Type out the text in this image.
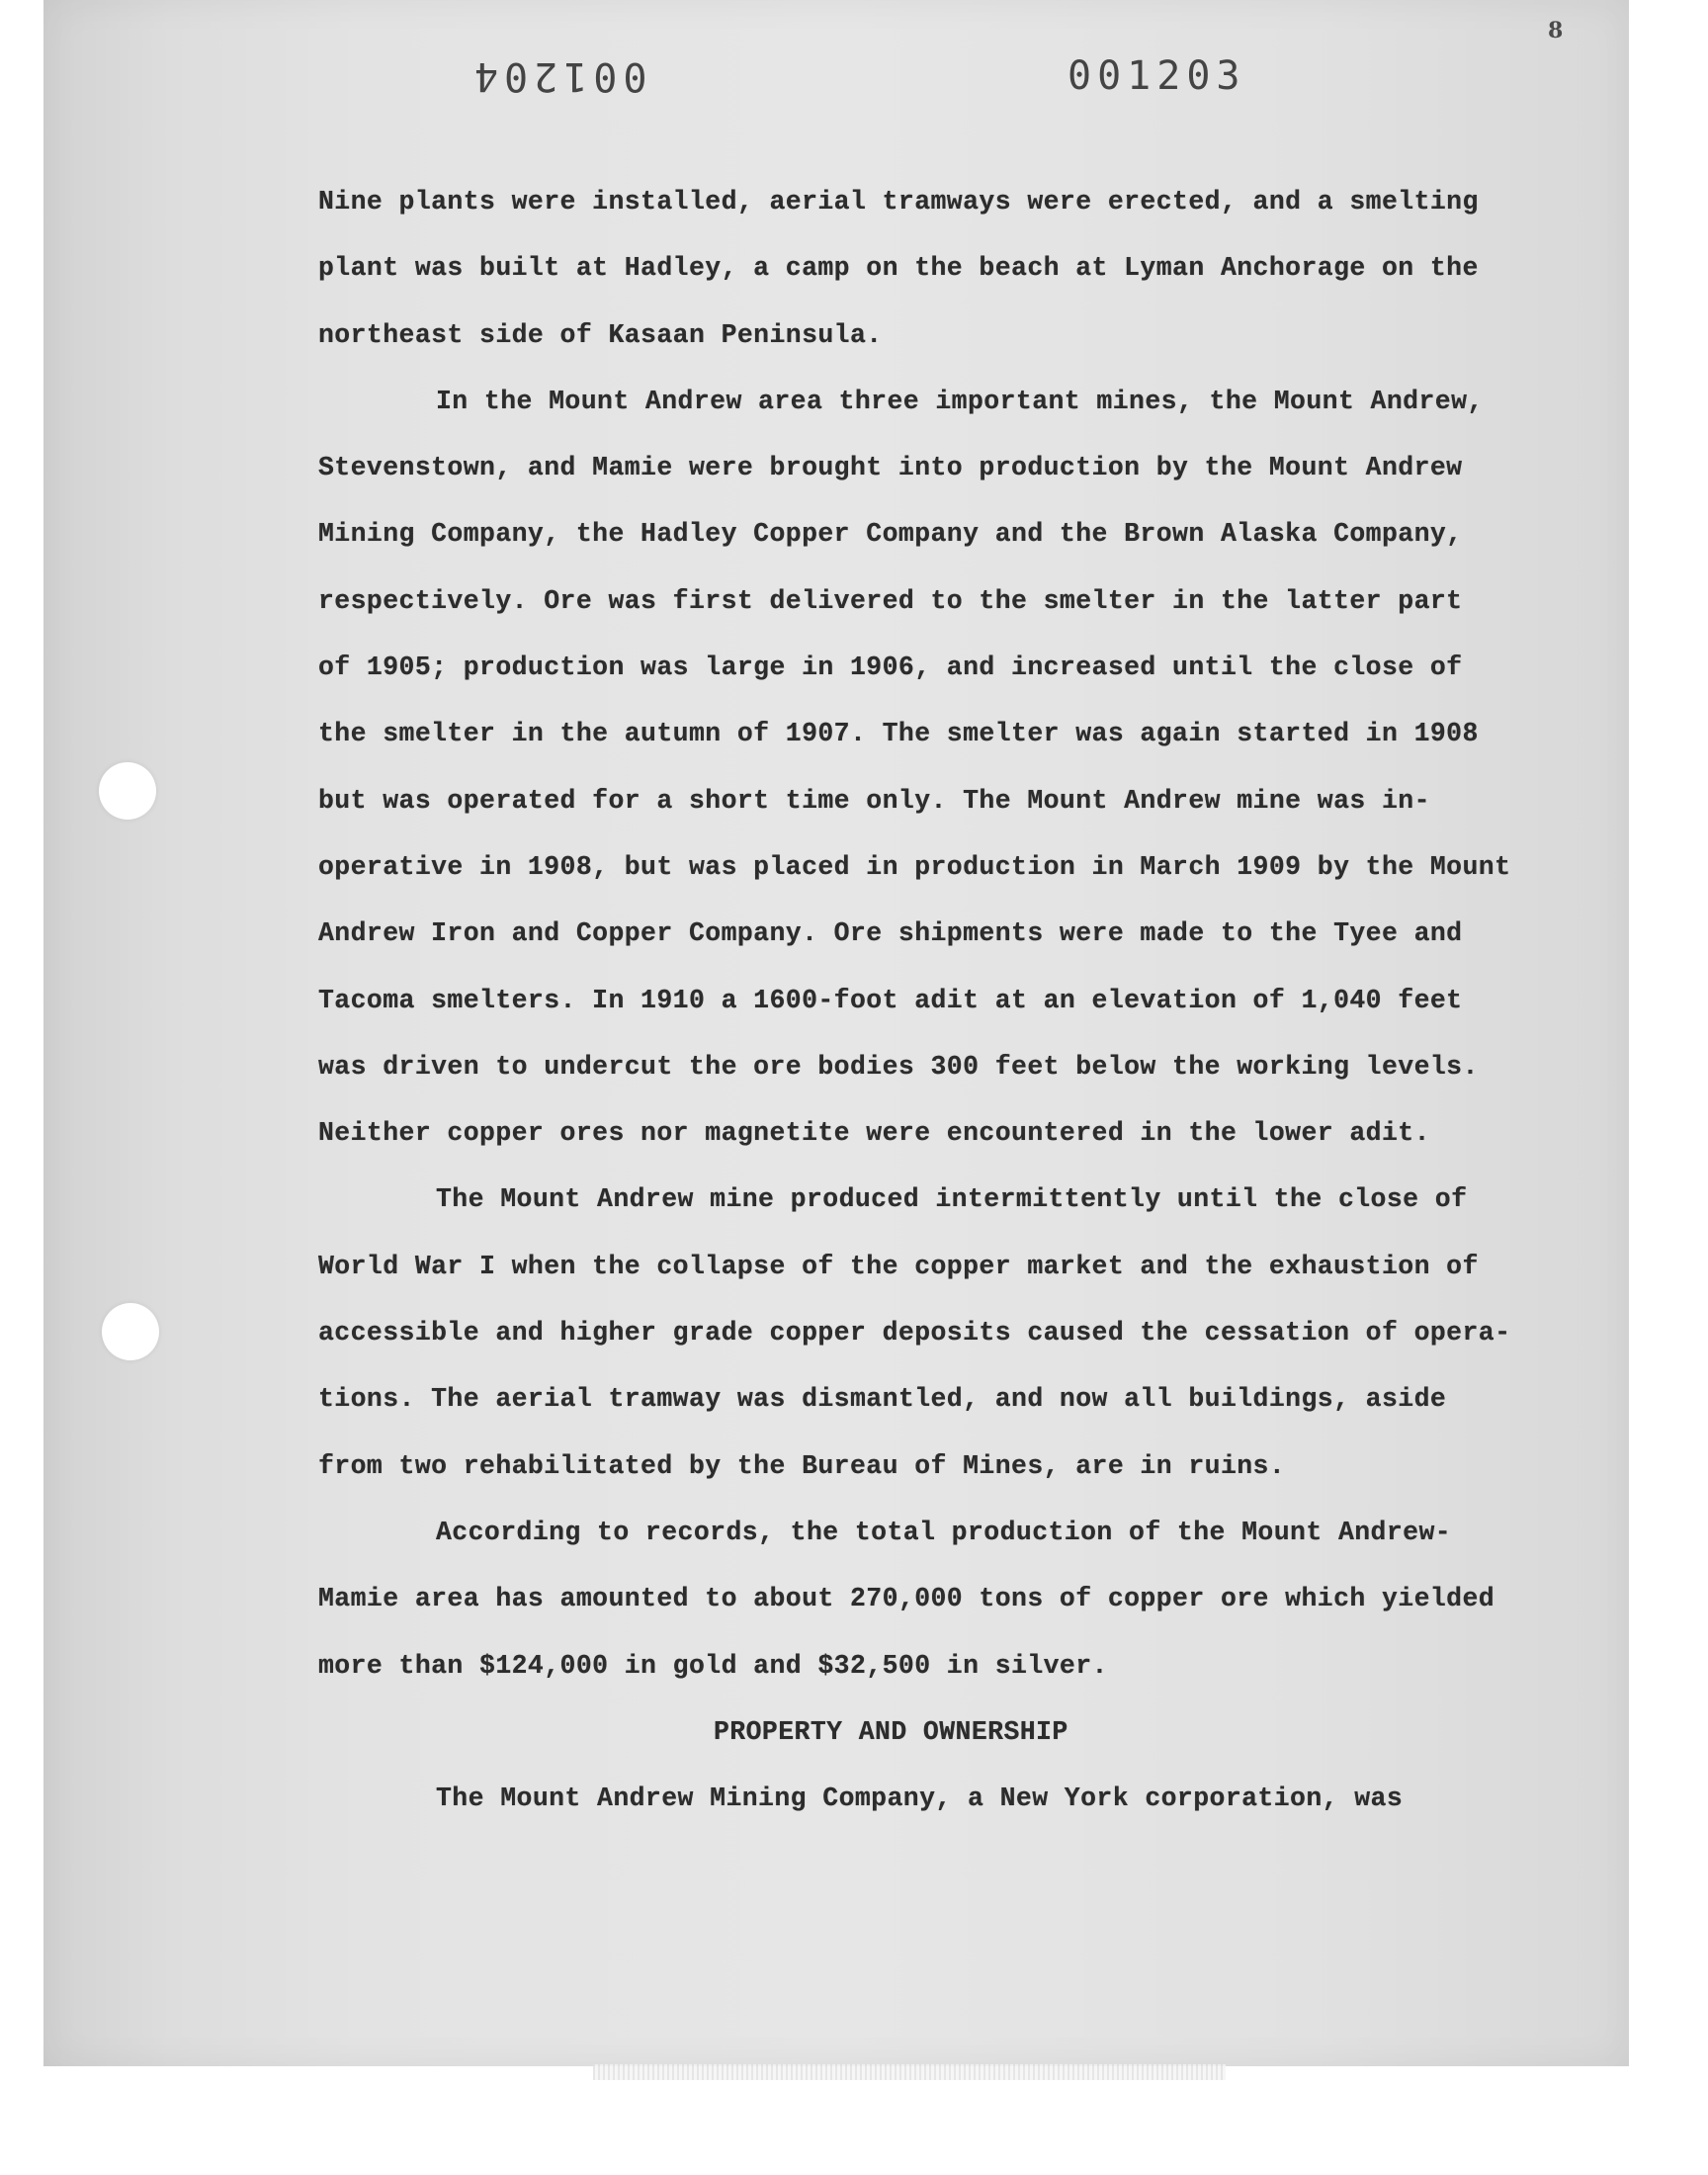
8
001204	001203
Nine plants were installed, aerial tramways were erected, and a smelting
plant was built at Hadley, a camp on the beach at Lyman Anchorage on the
northeast side of Kasaan Peninsula.
In the Mount Andrew area three important mines, the Mount Andrew,
Stevenstown, and Mamie were brought into production by the Mount Andrew
Mining Company, the Hadley Copper Company and the Brown Alaska Company,
respectively. Ore was first delivered to the smelter in the latter part
of 1905; production was large in 1906, and increased until the close of
the smelter in the autumn of 1907. The smelter was again started in 1908
but was operated for a short time only. The Mount Andrew mine was in-
operative in 1908, but was placed in production in March 1909 by the Mount
Andrew Iron and Copper Company. Ore shipments were made to the Tyee and
Tacoma smelters. In 1910 a 1600-foot adit at an elevation of 1,040 feet
was driven to undercut the ore bodies 300 feet below the working levels.
Neither copper ores nor magnetite were encountered in the lower adit.
The Mount Andrew mine produced intermittently until the close of
World War I when the collapse of the copper market and the exhaustion of
accessible and higher grade copper deposits caused the cessation of opera-
tions. The aerial tramway was dismantled, and now all buildings, aside
from two rehabilitated by the Bureau of Mines, are in ruins.
According to records, the total production of the Mount Andrew-
Mamie area has amounted to about 270,000 tons of copper ore which yielded
more than $124,000 in gold and $32,500 in silver.
PROPERTY AND OWNERSHIP
The Mount Andrew Mining Company, a New York corporation, was
